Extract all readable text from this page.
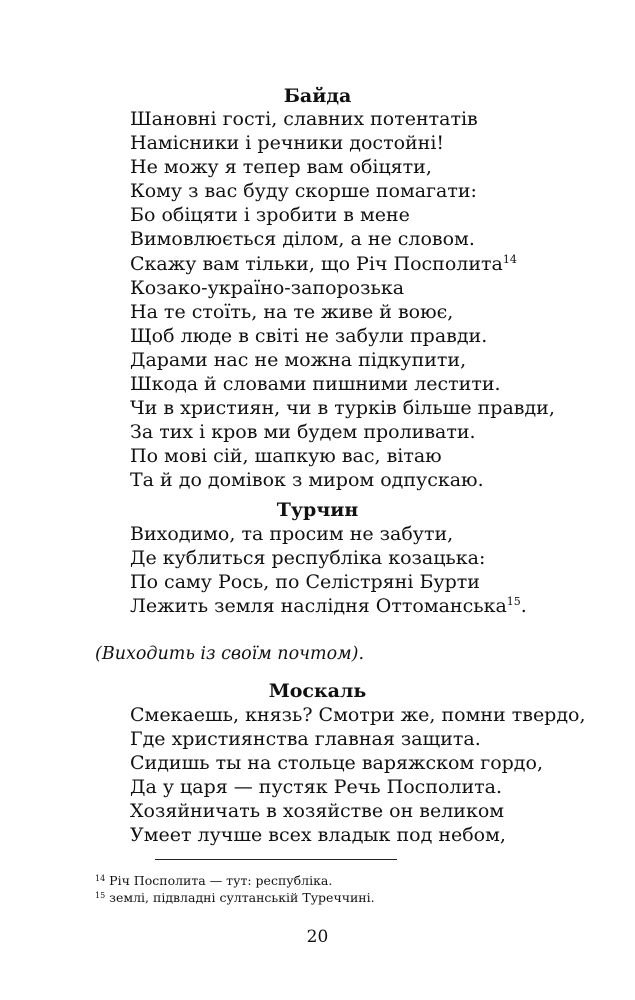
Байда
Шановні гості, славних потентатів
Намісники і речники достойні!
Не можу я тепер вам обіцяти,
Кому з вас буду скорше помагати:
Бо обіцяти і зробити в мене
Вимовлюється ділом, а не словом.
Скажу вам тільки, що Річ Посполита$^{14}$
Козако-україно-запорозька
На те стоїть, на те живе й воює,
Щоб люде в світі не забули правди.
Дарами нас не можна підкупити,
Шкода й словами пишними лестити.
Чи в християн, чи в турків більше правди,
За тих і кров ми будем проливати.
По мові сій, шапкую вас, вітаю
Та й до домівок з миром одпускаю.
Турчин
Виходимо, та просим не забути,
Де кублиться республіка козацька:
По саму Рось, по Селістряні Бурти
Лежить земля наслідня Оттоманська$^{15}$.

(Виходить із своїм почтом).

Москаль
Смекаешь, князь? Смотри же, помни твердо,
Где християнства главная защита.
Сидишь ты на стольце варяжском гордо,
Да у царя — пустяк Речь Посполита.
Хозяйничать в хозяйстве он великом
Умеет лучше всех владык под небом,
$^{14}$ Річ Посполита — тут: республіка.
$^{15}$ землі, підвладні султанській Туреччині.

20
